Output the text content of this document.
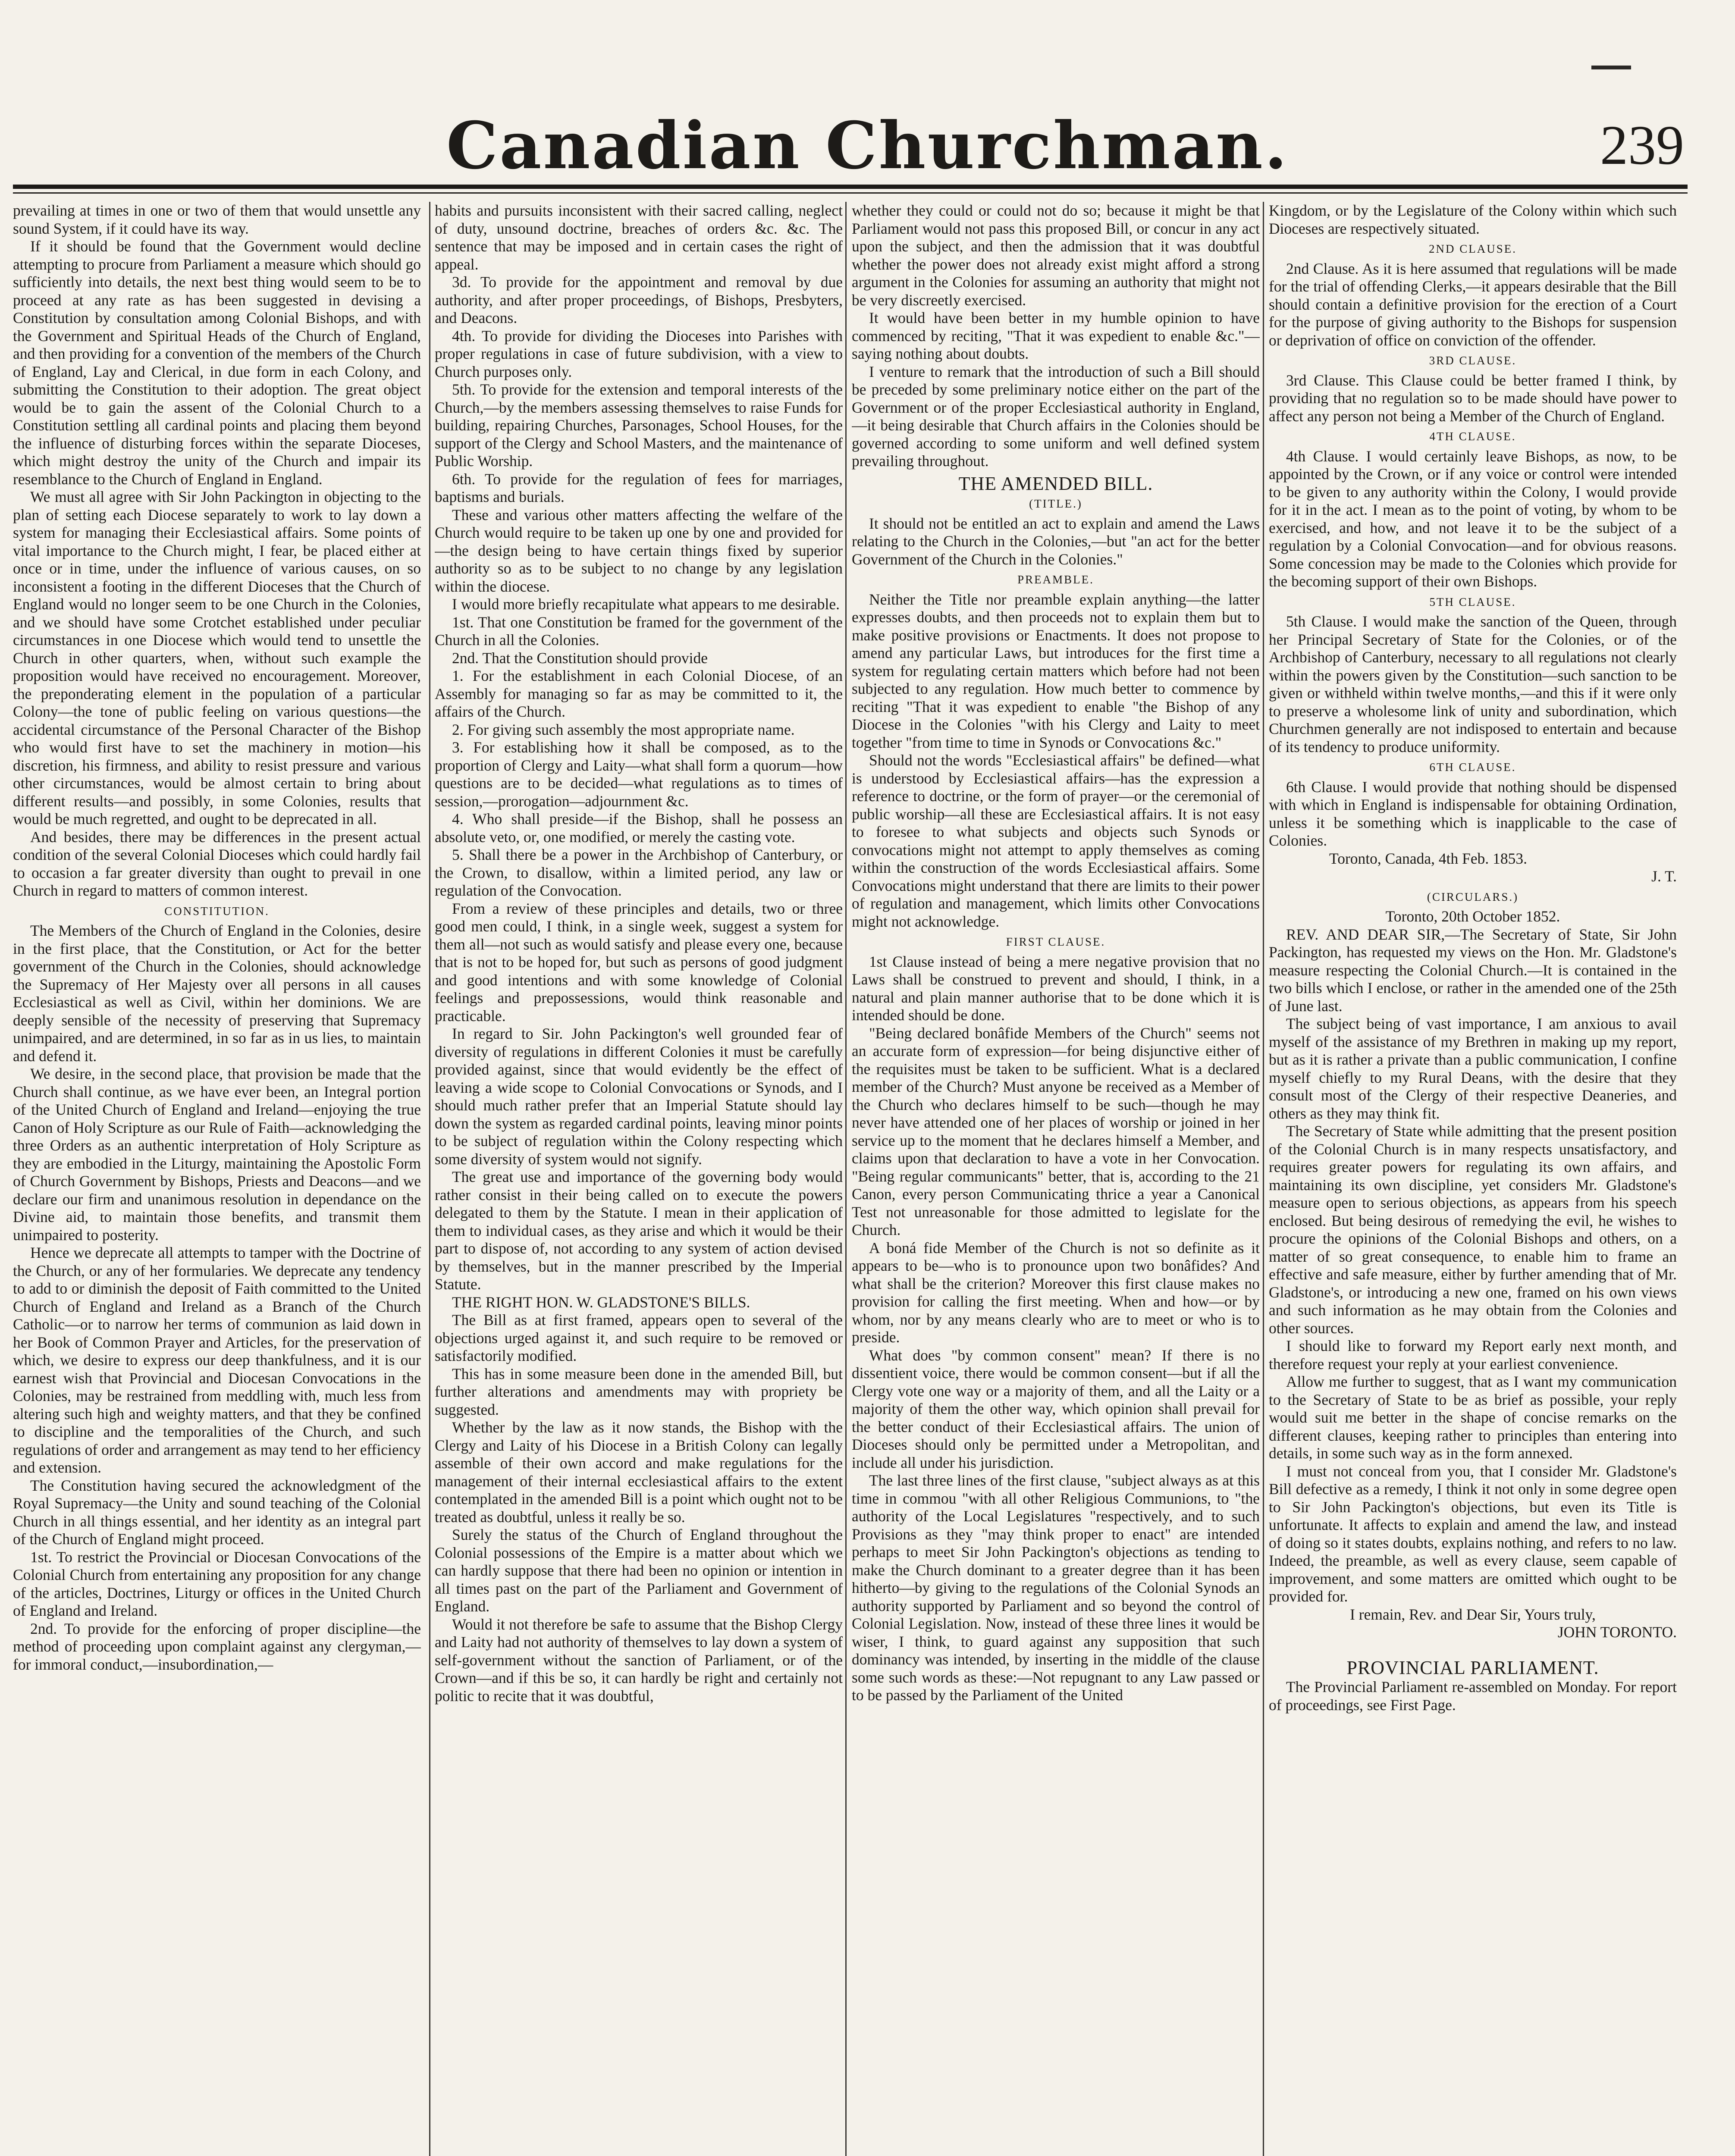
Canadian Churchman.	239

prevailing at times in one or two of them that would unsettle any sound System, if it could have its way.

If it should be found that the Government would decline attempting to procure from Parliament a measure which should go sufficiently into details, the next best thing would seem to be to proceed at any rate as has been suggested in devising a Constitution by consultation among Colonial Bishops, and with the Government and Spiritual Heads of the Church of England, and then providing for a convention of the members of the Church of England, Lay and Clerical, in due form in each Colony, and submitting the Constitution to their adoption. The great object would be to gain the assent of the Colonial Church to a Constitution settling all cardinal points and placing them beyond the influence of disturbing forces within the separate Dioceses, which might destroy the unity of the Church and impair its resemblance to the Church of England in England.

We must all agree with Sir John Packington in objecting to the plan of setting each Diocese separately to work to lay down a system for managing their Ecclesiastical affairs. Some points of vital importance to the Church might, I fear, be placed either at once or in time, under the influence of various causes, on so inconsistent a footing in the different Dioceses that the Church of England would no longer seem to be one Church in the Colonies, and we should have some Crotchet established under peculiar circumstances in one Diocese which would tend to unsettle the Church in other quarters, when, without such example the proposition would have received no encouragement. Moreover, the preponderating element in the population of a particular Colony—the tone of public feeling on various questions—the accidental circumstance of the Personal Character of the Bishop who would first have to set the machinery in motion—his discretion, his firmness, and ability to resist pressure and various other circumstances, would be almost certain to bring about different results—and possibly, in some Colonies, results that would be much regretted, and ought to be deprecated in all.

And besides, there may be differences in the present actual condition of the several Colonial Dioceses which could hardly fail to occasion a far greater diversity than ought to prevail in one Church in regard to matters of common interest.

CONSTITUTION.

The Members of the Church of England in the Colonies, desire in the first place, that the Constitution, or Act for the better government of the Church in the Colonies, should acknowledge the Supremacy of Her Majesty over all persons in all causes Ecclesiastical as well as Civil, within her dominions. We are deeply sensible of the necessity of preserving that Supremacy unimpaired, and are determined, in so far as in us lies, to maintain and defend it.

We desire, in the second place, that provision be made that the Church shall continue, as we have ever been, an Integral portion of the United Church of England and Ireland—enjoying the true Canon of Holy Scripture as our Rule of Faith—acknowledging the three Orders as an authentic interpretation of Holy Scripture as they are embodied in the Liturgy, maintaining the Apostolic Form of Church Government by Bishops, Priests and Deacons—and we declare our firm and unanimous resolution in dependance on the Divine aid, to maintain those benefits, and transmit them unimpaired to posterity.

Hence we deprecate all attempts to tamper with the Doctrine of the Church, or any of her formularies. We deprecate any tendency to add to or diminish the deposit of Faith committed to the United Church of England and Ireland as a Branch of the Church Catholic—or to narrow her terms of communion as laid down in her Book of Common Prayer and Articles, for the preservation of which, we desire to express our deep thankfulness, and it is our earnest wish that Provincial and Diocesan Convocations in the Colonies, may be restrained from meddling with, much less from altering such high and weighty matters, and that they be confined to discipline and the temporalities of the Church, and such regulations of order and arrangement as may tend to her efficiency and extension.

The Constitution having secured the acknowledgment of the Royal Supremacy—the Unity and sound teaching of the Colonial Church in all things essential, and her identity as an integral part of the Church of England might proceed.

1st. To restrict the Provincial or Diocesan Convocations of the Colonial Church from entertaining any proposition for any change of the articles, Doctrines, Liturgy or offices in the United Church of England and Ireland.

2nd. To provide for the enforcing of proper discipline—the method of proceeding upon complaint against any clergyman,—for immoral conduct,—insubordination,—

habits and pursuits inconsistent with their sacred calling, neglect of duty, unsound doctrine, breaches of orders &c. &c. The sentence that may be imposed and in certain cases the right of appeal.

3d. To provide for the appointment and removal by due authority, and after proper proceedings, of Bishops, Presbyters, and Deacons.

4th. To provide for dividing the Dioceses into Parishes with proper regulations in case of future subdivision, with a view to Church purposes only.

5th. To provide for the extension and temporal interests of the Church,—by the members assessing themselves to raise Funds for building, repairing Churches, Parsonages, School Houses, for the support of the Clergy and School Masters, and the maintenance of Public Worship.

6th. To provide for the regulation of fees for marriages, baptisms and burials.

These and various other matters affecting the welfare of the Church would require to be taken up one by one and provided for—the design being to have certain things fixed by superior authority so as to be subject to no change by any legislation within the diocese.

I would more briefly recapitulate what appears to me desirable.

1st. That one Constitution be framed for the government of the Church in all the Colonies.

2nd. That the Constitution should provide

1. For the establishment in each Colonial Diocese, of an Assembly for managing so far as may be committed to it, the affairs of the Church.

2. For giving such assembly the most appropriate name.

3. For establishing how it shall be composed, as to the proportion of Clergy and Laity—what shall form a quorum—how questions are to be decided—what regulations as to times of session,—prorogation—adjournment &c.

4. Who shall preside—if the Bishop, shall he possess an absolute veto, or, one modified, or merely the casting vote.

5. Shall there be a power in the Archbishop of Canterbury, or the Crown, to disallow, within a limited period, any law or regulation of the Convocation.

From a review of these principles and details, two or three good men could, I think, in a single week, suggest a system for them all—not such as would satisfy and please every one, because that is not to be hoped for, but such as persons of good judgment and good intentions and with some knowledge of Colonial feelings and prepossessions, would think reasonable and practicable.

In regard to Sir. John Packington's well grounded fear of diversity of regulations in different Colonies it must be carefully provided against, since that would evidently be the effect of leaving a wide scope to Colonial Convocations or Synods, and I should much rather prefer that an Imperial Statute should lay down the system as regarded cardinal points, leaving minor points to be subject of regulation within the Colony respecting which some diversity of system would not signify.

The great use and importance of the governing body would rather consist in their being called on to execute the powers delegated to them by the Statute. I mean in their application of them to individual cases, as they arise and which it would be their part to dispose of, not according to any system of action devised by themselves, but in the manner prescribed by the Imperial Statute.

THE RIGHT HON. W. GLADSTONE'S BILLS.

The Bill as at first framed, appears open to several of the objections urged against it, and such require to be removed or satisfactorily modified.

This has in some measure been done in the amended Bill, but further alterations and amendments may with propriety be suggested.

Whether by the law as it now stands, the Bishop with the Clergy and Laity of his Diocese in a British Colony can legally assemble of their own accord and make regulations for the management of their internal ecclesiastical affairs to the extent contemplated in the amended Bill is a point which ought not to be treated as doubtful, unless it really be so.

Surely the status of the Church of England throughout the Colonial possessions of the Empire is a matter about which we can hardly suppose that there had been no opinion or intention in all times past on the part of the Parliament and Government of England.

Would it not therefore be safe to assume that the Bishop Clergy and Laity had not authority of themselves to lay down a system of self-government without the sanction of Parliament, or of the Crown—and if this be so, it can hardly be right and certainly not politic to recite that it was doubtful,

whether they could or could not do so; because it might be that Parliament would not pass this proposed Bill, or concur in any act upon the subject, and then the admission that it was doubtful whether the power does not already exist might afford a strong argument in the Colonies for assuming an authority that might not be very discreetly exercised.

It would have been better in my humble opinion to have commenced by reciting, "That it was expedient to enable &c."—saying nothing about doubts.

I venture to remark that the introduction of such a Bill should be preceded by some preliminary notice either on the part of the Government or of the proper Ecclesiastical authority in England,—it being desirable that Church affairs in the Colonies should be governed according to some uniform and well defined system prevailing throughout.

THE AMENDED BILL.

(TITLE.)

It should not be entitled an act to explain and amend the Laws relating to the Church in the Colonies,—but "an act for the better Government of the Church in the Colonies."

PREAMBLE.

Neither the Title nor preamble explain anything—the latter expresses doubts, and then proceeds not to explain them but to make positive provisions or Enactments. It does not propose to amend any particular Laws, but introduces for the first time a system for regulating certain matters which before had not been subjected to any regulation. How much better to commence by reciting "That it was expedient to enable "the Bishop of any Diocese in the Colonies "with his Clergy and Laity to meet together "from time to time in Synods or Convocations &c."

Should not the words "Ecclesiastical affairs" be defined—what is understood by Ecclesiastical affairs—has the expression a reference to doctrine, or the form of prayer—or the ceremonial of public worship—all these are Ecclesiastical affairs. It is not easy to foresee to what subjects and objects such Synods or convocations might not attempt to apply themselves as coming within the construction of the words Ecclesiastical affairs. Some Convocations might understand that there are limits to their power of regulation and management, which limits other Convocations might not acknowledge.

FIRST CLAUSE.

1st Clause instead of being a mere negative provision that no Laws shall be construed to prevent and should, I think, in a natural and plain manner authorise that to be done which it is intended should be done.

"Being declared bonâfide Members of the Church" seems not an accurate form of expression—for being disjunctive either of the requisites must be taken to be sufficient. What is a declared member of the Church? Must anyone be received as a Member of the Church who declares himself to be such—though he may never have attended one of her places of worship or joined in her service up to the moment that he declares himself a Member, and claims upon that declaration to have a vote in her Convocation. "Being regular communicants" better, that is, according to the 21 Canon, every person Communicating thrice a year a Canonical Test not unreasonable for those admitted to legislate for the Church.

A boná fide Member of the Church is not so definite as it appears to be—who is to pronounce upon two bonâfides? And what shall be the criterion? Moreover this first clause makes no provision for calling the first meeting. When and how—or by whom, nor by any means clearly who are to meet or who is to preside.

What does "by common consent" mean? If there is no dissentient voice, there would be common consent—but if all the Clergy vote one way or a majority of them, and all the Laity or a majority of them the other way, which opinion shall prevail for the better conduct of their Ecclesiastical affairs. The union of Dioceses should only be permitted under a Metropolitan, and include all under his jurisdiction.

The last three lines of the first clause, "subject always as at this time in commou "with all other Religious Communions, to "the authority of the Local Legislatures "respectively, and to such Provisions as they "may think proper to enact" are intended perhaps to meet Sir John Packington's objections as tending to make the Church dominant to a greater degree than it has been hitherto—by giving to the regulations of the Colonial Synods an authority supported by Parliament and so beyond the control of Colonial Legislation. Now, instead of these three lines it would be wiser, I think, to guard against any supposition that such dominancy was intended, by inserting in the middle of the clause some such words as these:—Not repugnant to any Law passed or to be passed by the Parliament of the United

Kingdom, or by the Legislature of the Colony within which such Dioceses are respectively situated.

2ND CLAUSE.

2nd Clause. As it is here assumed that regulations will be made for the trial of offending Clerks,—it appears desirable that the Bill should contain a definitive provision for the erection of a Court for the purpose of giving authority to the Bishops for suspension or deprivation of office on conviction of the offender.

3RD CLAUSE.

3rd Clause. This Clause could be better framed I think, by providing that no regulation so to be made should have power to affect any person not being a Member of the Church of England.

4TH CLAUSE.

4th Clause. I would certainly leave Bishops, as now, to be appointed by the Crown, or if any voice or control were intended to be given to any authority within the Colony, I would provide for it in the act. I mean as to the point of voting, by whom to be exercised, and how, and not leave it to be the subject of a regulation by a Colonial Convocation—and for obvious reasons. Some concession may be made to the Colonies which provide for the becoming support of their own Bishops.

5TH CLAUSE.

5th Clause. I would make the sanction of the Queen, through her Principal Secretary of State for the Colonies, or of the Archbishop of Canterbury, necessary to all regulations not clearly within the powers given by the Constitution—such sanction to be given or withheld within twelve months,—and this if it were only to preserve a wholesome link of unity and subordination, which Churchmen generally are not indisposed to entertain and because of its tendency to produce uniformity.

6TH CLAUSE.

6th Clause. I would provide that nothing should be dispensed with which in England is indispensable for obtaining Ordination, unless it be something which is inapplicable to the case of Colonies.

Toronto, Canada, 4th Feb. 1853.

J. T.

(CIRCULARS.)

Toronto, 20th October 1852.

REV. AND DEAR SIR,—The Secretary of State, Sir John Packington, has requested my views on the Hon. Mr. Gladstone's measure respecting the Colonial Church.—It is contained in the two bills which I enclose, or rather in the amended one of the 25th of June last.

The subject being of vast importance, I am anxious to avail myself of the assistance of my Brethren in making up my report, but as it is rather a private than a public communication, I confine myself chiefly to my Rural Deans, with the desire that they consult most of the Clergy of their respective Deaneries, and others as they may think fit.

The Secretary of State while admitting that the present position of the Colonial Church is in many respects unsatisfactory, and requires greater powers for regulating its own affairs, and maintaining its own discipline, yet considers Mr. Gladstone's measure open to serious objections, as appears from his speech enclosed. But being desirous of remedying the evil, he wishes to procure the opinions of the Colonial Bishops and others, on a matter of so great consequence, to enable him to frame an effective and safe measure, either by further amending that of Mr. Gladstone's, or introducing a new one, framed on his own views and such information as he may obtain from the Colonies and other sources.

I should like to forward my Report early next month, and therefore request your reply at your earliest convenience.

Allow me further to suggest, that as I want my communication to the Secretary of State to be as brief as possible, your reply would suit me better in the shape of concise remarks on the different clauses, keeping rather to principles than entering into details, in some such way as in the form annexed.

I must not conceal from you, that I consider Mr. Gladstone's Bill defective as a remedy, I think it not only in some degree open to Sir John Packington's objections, but even its Title is unfortunate. It affects to explain and amend the law, and instead of doing so it states doubts, explains nothing, and refers to no law. Indeed, the preamble, as well as every clause, seem capable of improvement, and some matters are omitted which ought to be provided for.

I remain, Rev. and Dear Sir, Yours truly,

JOHN TORONTO.

PROVINCIAL PARLIAMENT.

The Provincial Parliament re-assembled on Monday. For report of proceedings, see First Page.
